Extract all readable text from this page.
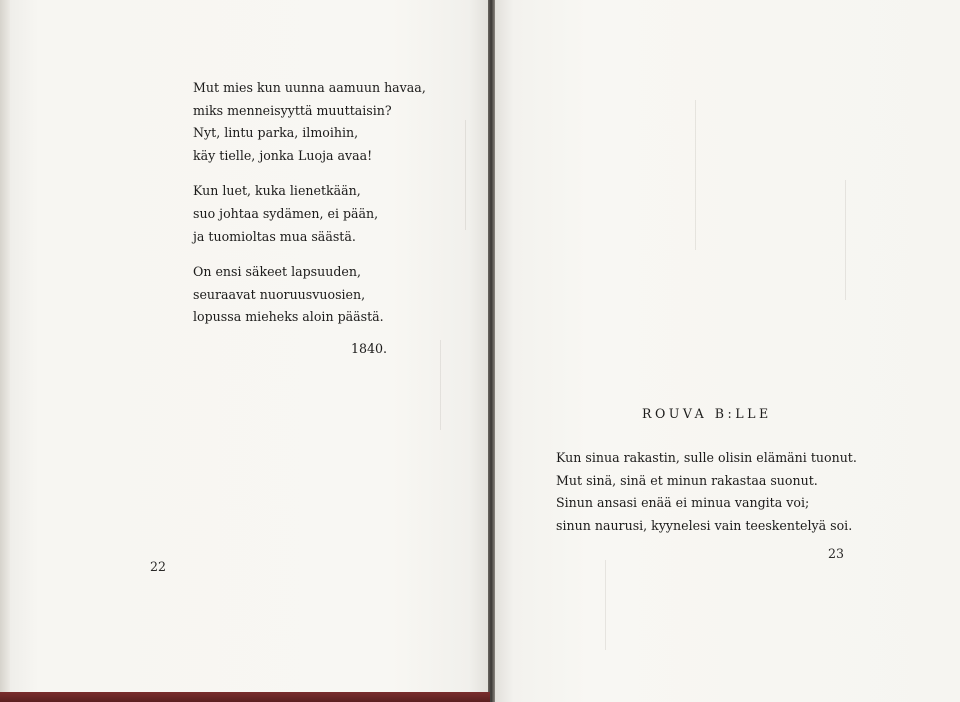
Mut mies kun uunna aamuun havaa,
miks menneisyyttä muuttaisin?
Nyt, lintu parka, ilmoihin,
käy tielle, jonka Luoja avaa!
Kun luet, kuka lienetkään,
suo johtaa sydämen, ei pään,
ja tuomioltas mua säästä.
On ensi säkeet lapsuuden,
seuraavat nuoruusvuosien,
lopussa mieheks aloin päästä.
1840.
22
ROUVA B:LLE
Kun sinua rakastin, sulle olisin elämäni tuonut.
Mut sinä, sinä et minun rakastaa suonut.
Sinun ansasi enää ei minua vangita voi;
sinun naurusi, kyynelesi vain teeskentelyä soi.
23
